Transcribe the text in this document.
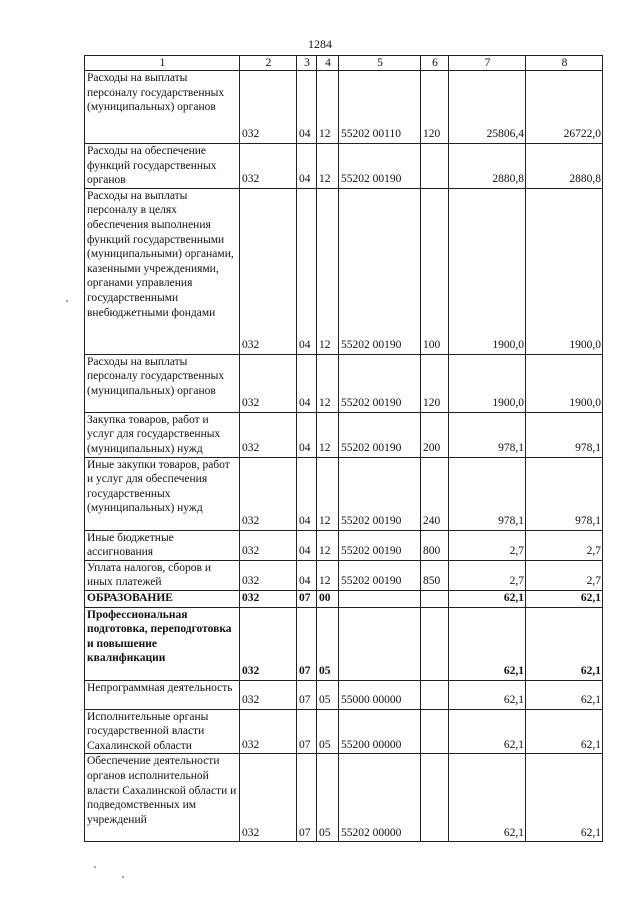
1284
1	2	3	4	5	6	7	8
Расходы на выплаты персоналу государственных (муниципальных) органов	032	04	12	55202 00110	120	25806,4	26722,0
Расходы на обеспечение функций государственных органов	032	04	12	55202 00190		2880,8	2880,8
Расходы на выплаты персоналу в целях обеспечения выполнения функций государственными (муниципальными) органами, казенными учреждениями, органами управления государственными внебюджетными фондами	032	04	12	55202 00190	100	1900,0	1900,0
Расходы на выплаты персоналу государственных (муниципальных) органов	032	04	12	55202 00190	120	1900,0	1900,0
Закупка товаров, работ и услуг для государственных (муниципальных) нужд	032	04	12	55202 00190	200	978,1	978,1
Иные закупки товаров, работ и услуг для обеспечения государственных (муниципальных) нужд	032	04	12	55202 00190	240	978,1	978,1
Иные бюджетные ассигнования	032	04	12	55202 00190	800	2,7	2,7
Уплата налогов, сборов и иных платежей	032	04	12	55202 00190	850	2,7	2,7
ОБРАЗОВАНИЕ	032	07	00			62,1	62,1
Профессиональная подготовка, переподготовка и повышение квалификации	032	07	05			62,1	62,1
Непрограммная деятельность	032	07	05	55000 00000		62,1	62,1
Исполнительные органы государственной власти Сахалинской области	032	07	05	55200 00000		62,1	62,1
Обеспечение деятельности органов исполнительной власти Сахалинской области и подведомственных им учреждений	032	07	05	55202 00000		62,1	62,1
